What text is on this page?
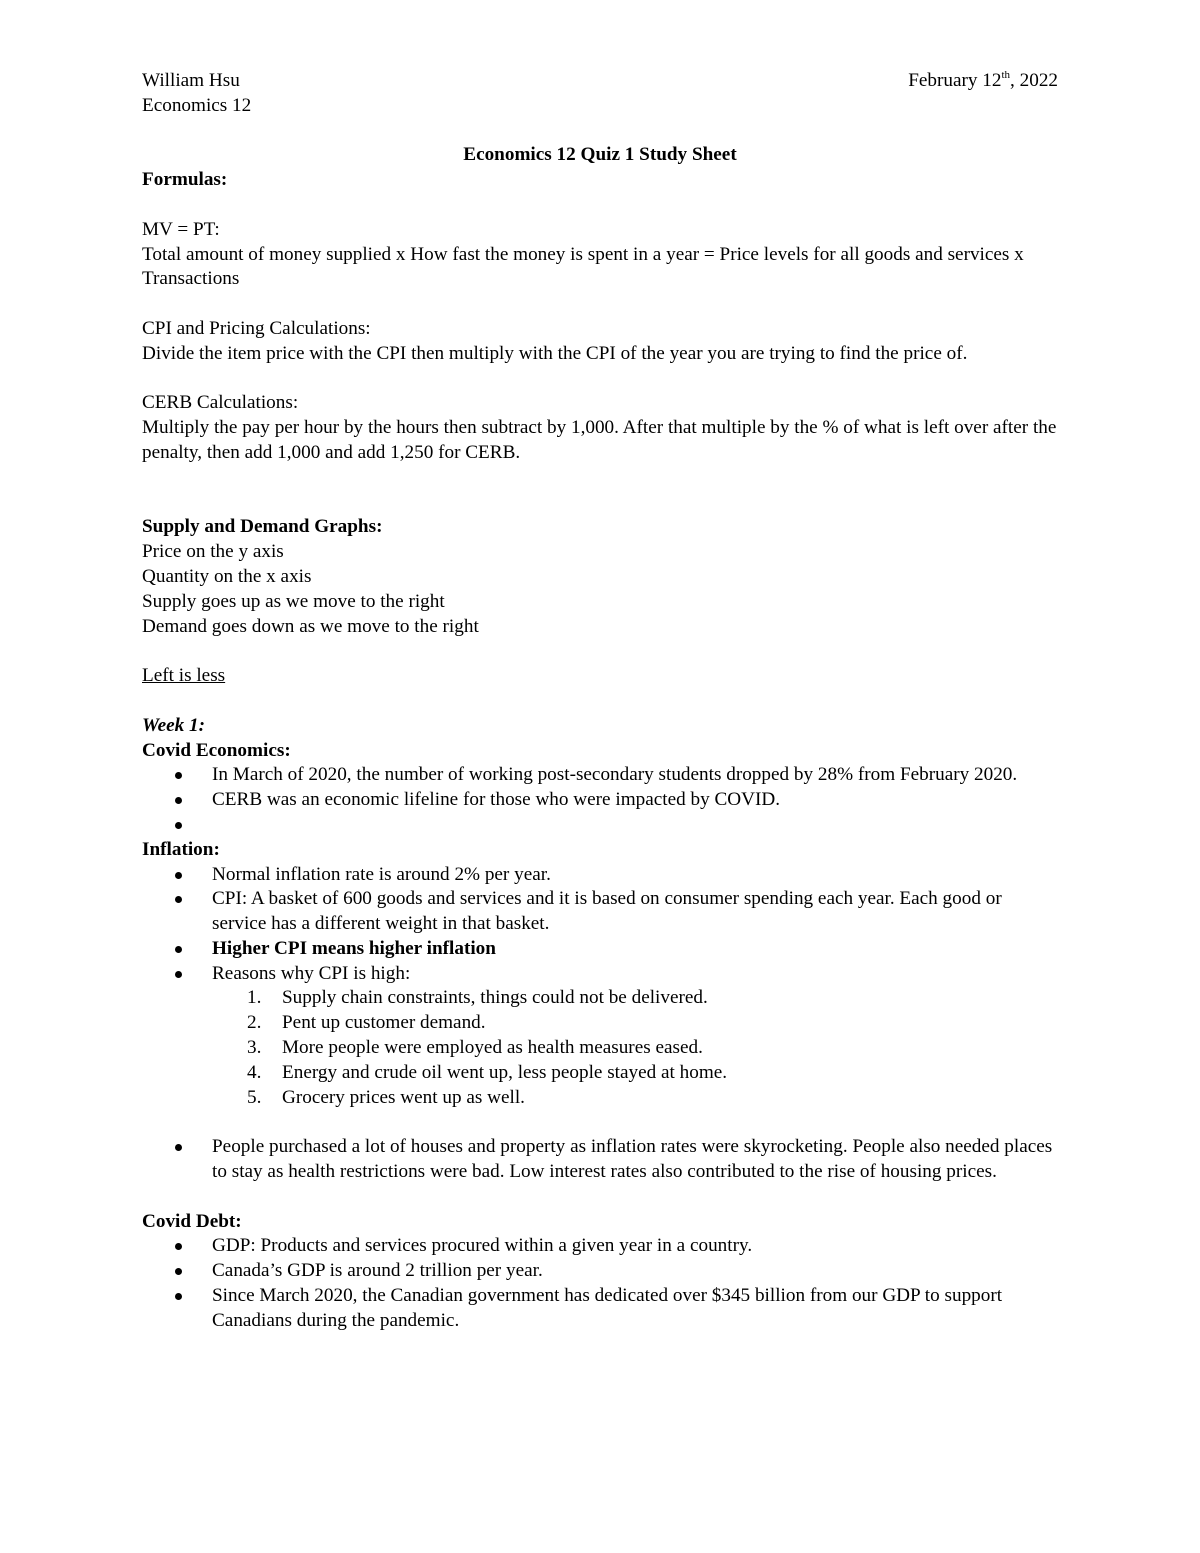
William Hsu	February 12th, 2022
Economics 12
Economics 12 Quiz 1 Study Sheet
Formulas:
MV = PT:
Total amount of money supplied x How fast the money is spent in a year = Price levels for all goods and services x Transactions
CPI and Pricing Calculations:
Divide the item price with the CPI then multiply with the CPI of the year you are trying to find the price of.
CERB Calculations:
Multiply the pay per hour by the hours then subtract by 1,000. After that multiple by the % of what is left over after the penalty, then add 1,000 and add 1,250 for CERB.
Supply and Demand Graphs:
Price on the y axis
Quantity on the x axis
Supply goes up as we move to the right
Demand goes down as we move to the right
Left is less
Week 1:
Covid Economics:
In March of 2020, the number of working post-secondary students dropped by 28% from February 2020.
CERB was an economic lifeline for those who were impacted by COVID.
Inflation:
Normal inflation rate is around 2% per year.
CPI: A basket of 600 goods and services and it is based on consumer spending each year. Each good or service has a different weight in that basket.
Higher CPI means higher inflation
Reasons why CPI is high:
1. Supply chain constraints, things could not be delivered.
2. Pent up customer demand.
3. More people were employed as health measures eased.
4. Energy and crude oil went up, less people stayed at home.
5. Grocery prices went up as well.
People purchased a lot of houses and property as inflation rates were skyrocketing. People also needed places to stay as health restrictions were bad. Low interest rates also contributed to the rise of housing prices.
Covid Debt:
GDP: Products and services procured within a given year in a country.
Canada’s GDP is around 2 trillion per year.
Since March 2020, the Canadian government has dedicated over $345 billion from our GDP to support Canadians during the pandemic.
